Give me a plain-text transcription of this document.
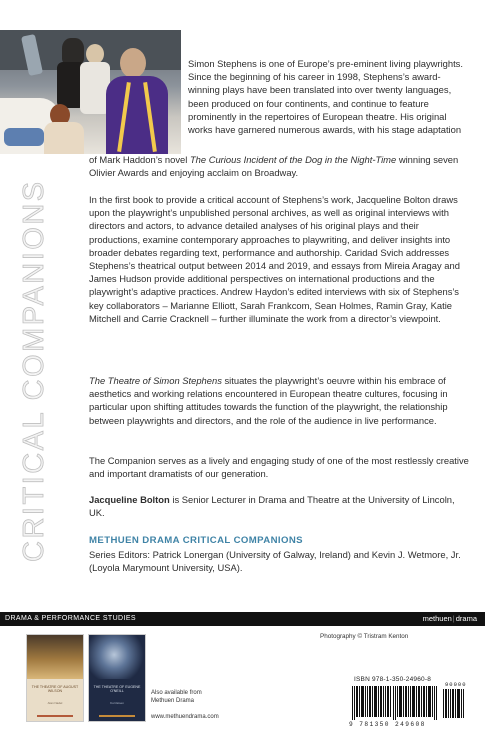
CRITICAL COMPANIONS
Simon Stephens is one of Europe’s pre-eminent living playwrights. Since the beginning of his career in 1998, Stephens’s award-winning plays have been translated into over twenty languages, been produced on four continents, and continue to feature prominently in the repertoires of European theatre. His original works have garnered numerous awards, with his stage adaptation
of Mark Haddon’s novel The Curious Incident of the Dog in the Night-Time winning seven Olivier Awards and enjoying acclaim on Broadway.

In the first book to provide a critical account of Stephens’s work, Jacqueline Bolton draws upon the playwright’s unpublished personal archives, as well as original interviews with directors and actors, to advance detailed analyses of his original plays and their productions, examine contemporary approaches to playwriting, and deliver insights into broader debates regarding text, performance and authorship. Caridad Svich addresses Stephens’s theatrical output between 2014 and 2019, and essays from Mireia Aragay and James Hudson provide additional perspectives on international productions and the playwright’s adaptive practices. Andrew Haydon’s edited interviews with six of Stephens’s key collaborators – Marianne Elliott, Sarah Frankcom, Sean Holmes, Ramin Gray, Katie Mitchell and Carrie Cracknell – further illuminate the work from a director’s viewpoint.

The Theatre of Simon Stephens situates the playwright’s oeuvre within his embrace of aesthetics and working relations encountered in European theatre cultures, focusing in particular upon shifting attitudes towards the function of the playwright, the relationship between playwrights and directors, and the role of the audience in live performance.

The Companion serves as a lively and engaging study of one of the most restlessly creative and important dramatists of our generation.

Jacqueline Bolton is Senior Lecturer in Drama and Theatre at the University of Lincoln, UK.

METHUEN DRAMA CRITICAL COMPANIONS
Series Editors: Patrick Lonergan (University of Galway, Ireland) and Kevin J. Wetmore, Jr. (Loyola Marymount University, USA).
DRAMA & PERFORMANCE STUDIES	methuen|drama
THE THEATRE OF AUGUST WILSON
Alan Nadel
THE THEATRE OF EUGENE O’NEILL
Kurt Eisen
Also available from Methuen Drama
www.methuendrama.com
Photography © Tristram Kenton
ISBN 978-1-350-24960-8
9 781350 249608
90000
